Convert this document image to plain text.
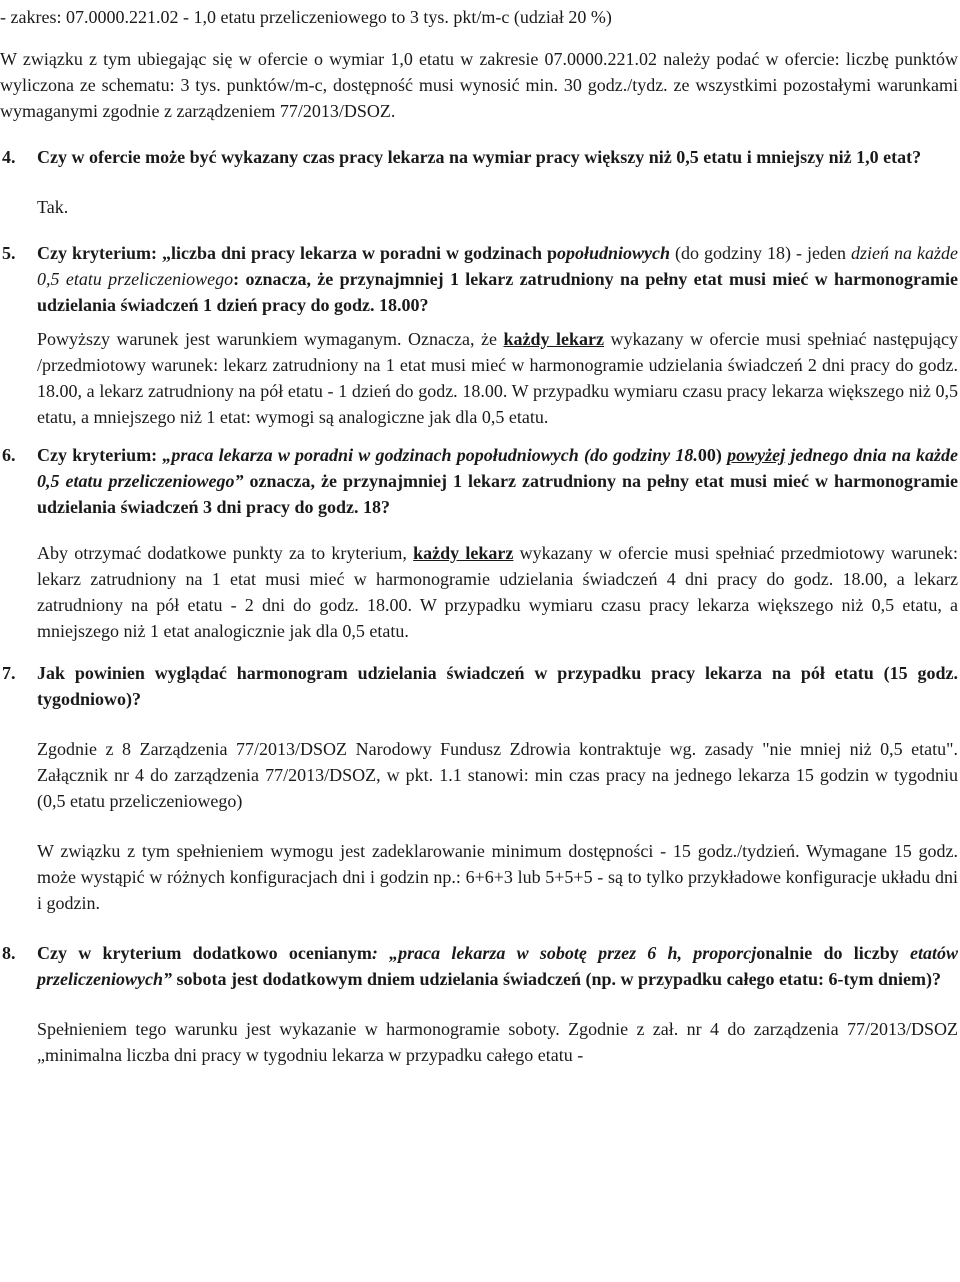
- zakres: 07.0000.221.02 - 1,0 etatu przeliczeniowego to 3 tys. pkt/m-c (udział 20 %)

W związku z tym ubiegając się w ofercie o wymiar 1,0 etatu w zakresie 07.0000.221.02 należy podać w ofercie: liczbę punktów wyliczona ze schematu: 3 tys. punktów/m-c, dostępność musi wynosić min. 30 godz./tydz. ze wszystkimi pozostałymi warunkami wymaganymi zgodnie z zarządzeniem 77/2013/DSOZ.

4. Czy w ofercie może być wykazany czas pracy lekarza na wymiar pracy większy niż 0,5 etatu i mniejszy niż 1,0 etat?

Tak.

5. Czy kryterium: „liczba dni pracy lekarza w poradni w godzinach popołudniowych (do godziny 18) - jeden dzień na każde 0,5 etatu przeliczeniowego: oznacza, że przynajmniej 1 lekarz zatrudniony na pełny etat musi mieć w harmonogramie udzielania świadczeń 1 dzień pracy do godz. 18.00?

Powyższy warunek jest warunkiem wymaganym. Oznacza, że każdy lekarz wykazany w ofercie musi spełniać następujący /przedmiotowy warunek: lekarz zatrudniony na 1 etat musi mieć w harmonogramie udzielania świadczeń 2 dni pracy do godz. 18.00, a lekarz zatrudniony na pół etatu - 1 dzień do godz. 18.00. W przypadku wymiaru czasu pracy lekarza większego niż 0,5 etatu, a mniejszego niż 1 etat: wymogi są analogiczne jak dla 0,5 etatu.

6. Czy kryterium: „praca lekarza w poradni w godzinach popołudniowych (do godziny 18.00) powyżej jednego dnia na każde 0,5 etatu przeliczeniowego” oznacza, że przynajmniej 1 lekarz zatrudniony na pełny etat musi mieć w harmonogramie udzielania świadczeń 3 dni pracy do godz. 18?

Aby otrzymać dodatkowe punkty za to kryterium, każdy lekarz wykazany w ofercie musi spełniać przedmiotowy warunek: lekarz zatrudniony na 1 etat musi mieć w harmonogramie udzielania świadczeń 4 dni pracy do godz. 18.00, a lekarz zatrudniony na pół etatu - 2 dni do godz. 18.00. W przypadku wymiaru czasu pracy lekarza większego niż 0,5 etatu, a mniejszego niż 1 etat analogicznie jak dla 0,5 etatu.

7. Jak powinien wyglądać harmonogram udzielania świadczeń w przypadku pracy lekarza na pół etatu (15 godz. tygodniowo)?

Zgodnie z 8 Zarządzenia 77/2013/DSOZ Narodowy Fundusz Zdrowia kontraktuje wg. zasady "nie mniej niż 0,5 etatu". Załącznik nr 4 do zarządzenia 77/2013/DSOZ, w pkt. 1.1 stanowi: min czas pracy na jednego lekarza 15 godzin w tygodniu (0,5 etatu przeliczeniowego)

W związku z tym spełnieniem wymogu jest zadeklarowanie minimum dostępności - 15 godz./tydzień. Wymagane 15 godz. może wystąpić w różnych konfiguracjach dni i godzin np.: 6+6+3 lub 5+5+5 - są to tylko przykładowe konfiguracje układu dni i godzin.

8. Czy w kryterium dodatkowo ocenianym: „praca lekarza w sobotę przez 6 h, proporcjonalnie do liczby etatów przeliczeniowych” sobota jest dodatkowym dniem udzielania świadczeń (np. w przypadku całego etatu: 6-tym dniem)?

Spełnieniem tego warunku jest wykazanie w harmonogramie soboty. Zgodnie z zał. nr 4 do zarządzenia 77/2013/DSOZ „minimalna liczba dni pracy w tygodniu lekarza w przypadku całego etatu -
